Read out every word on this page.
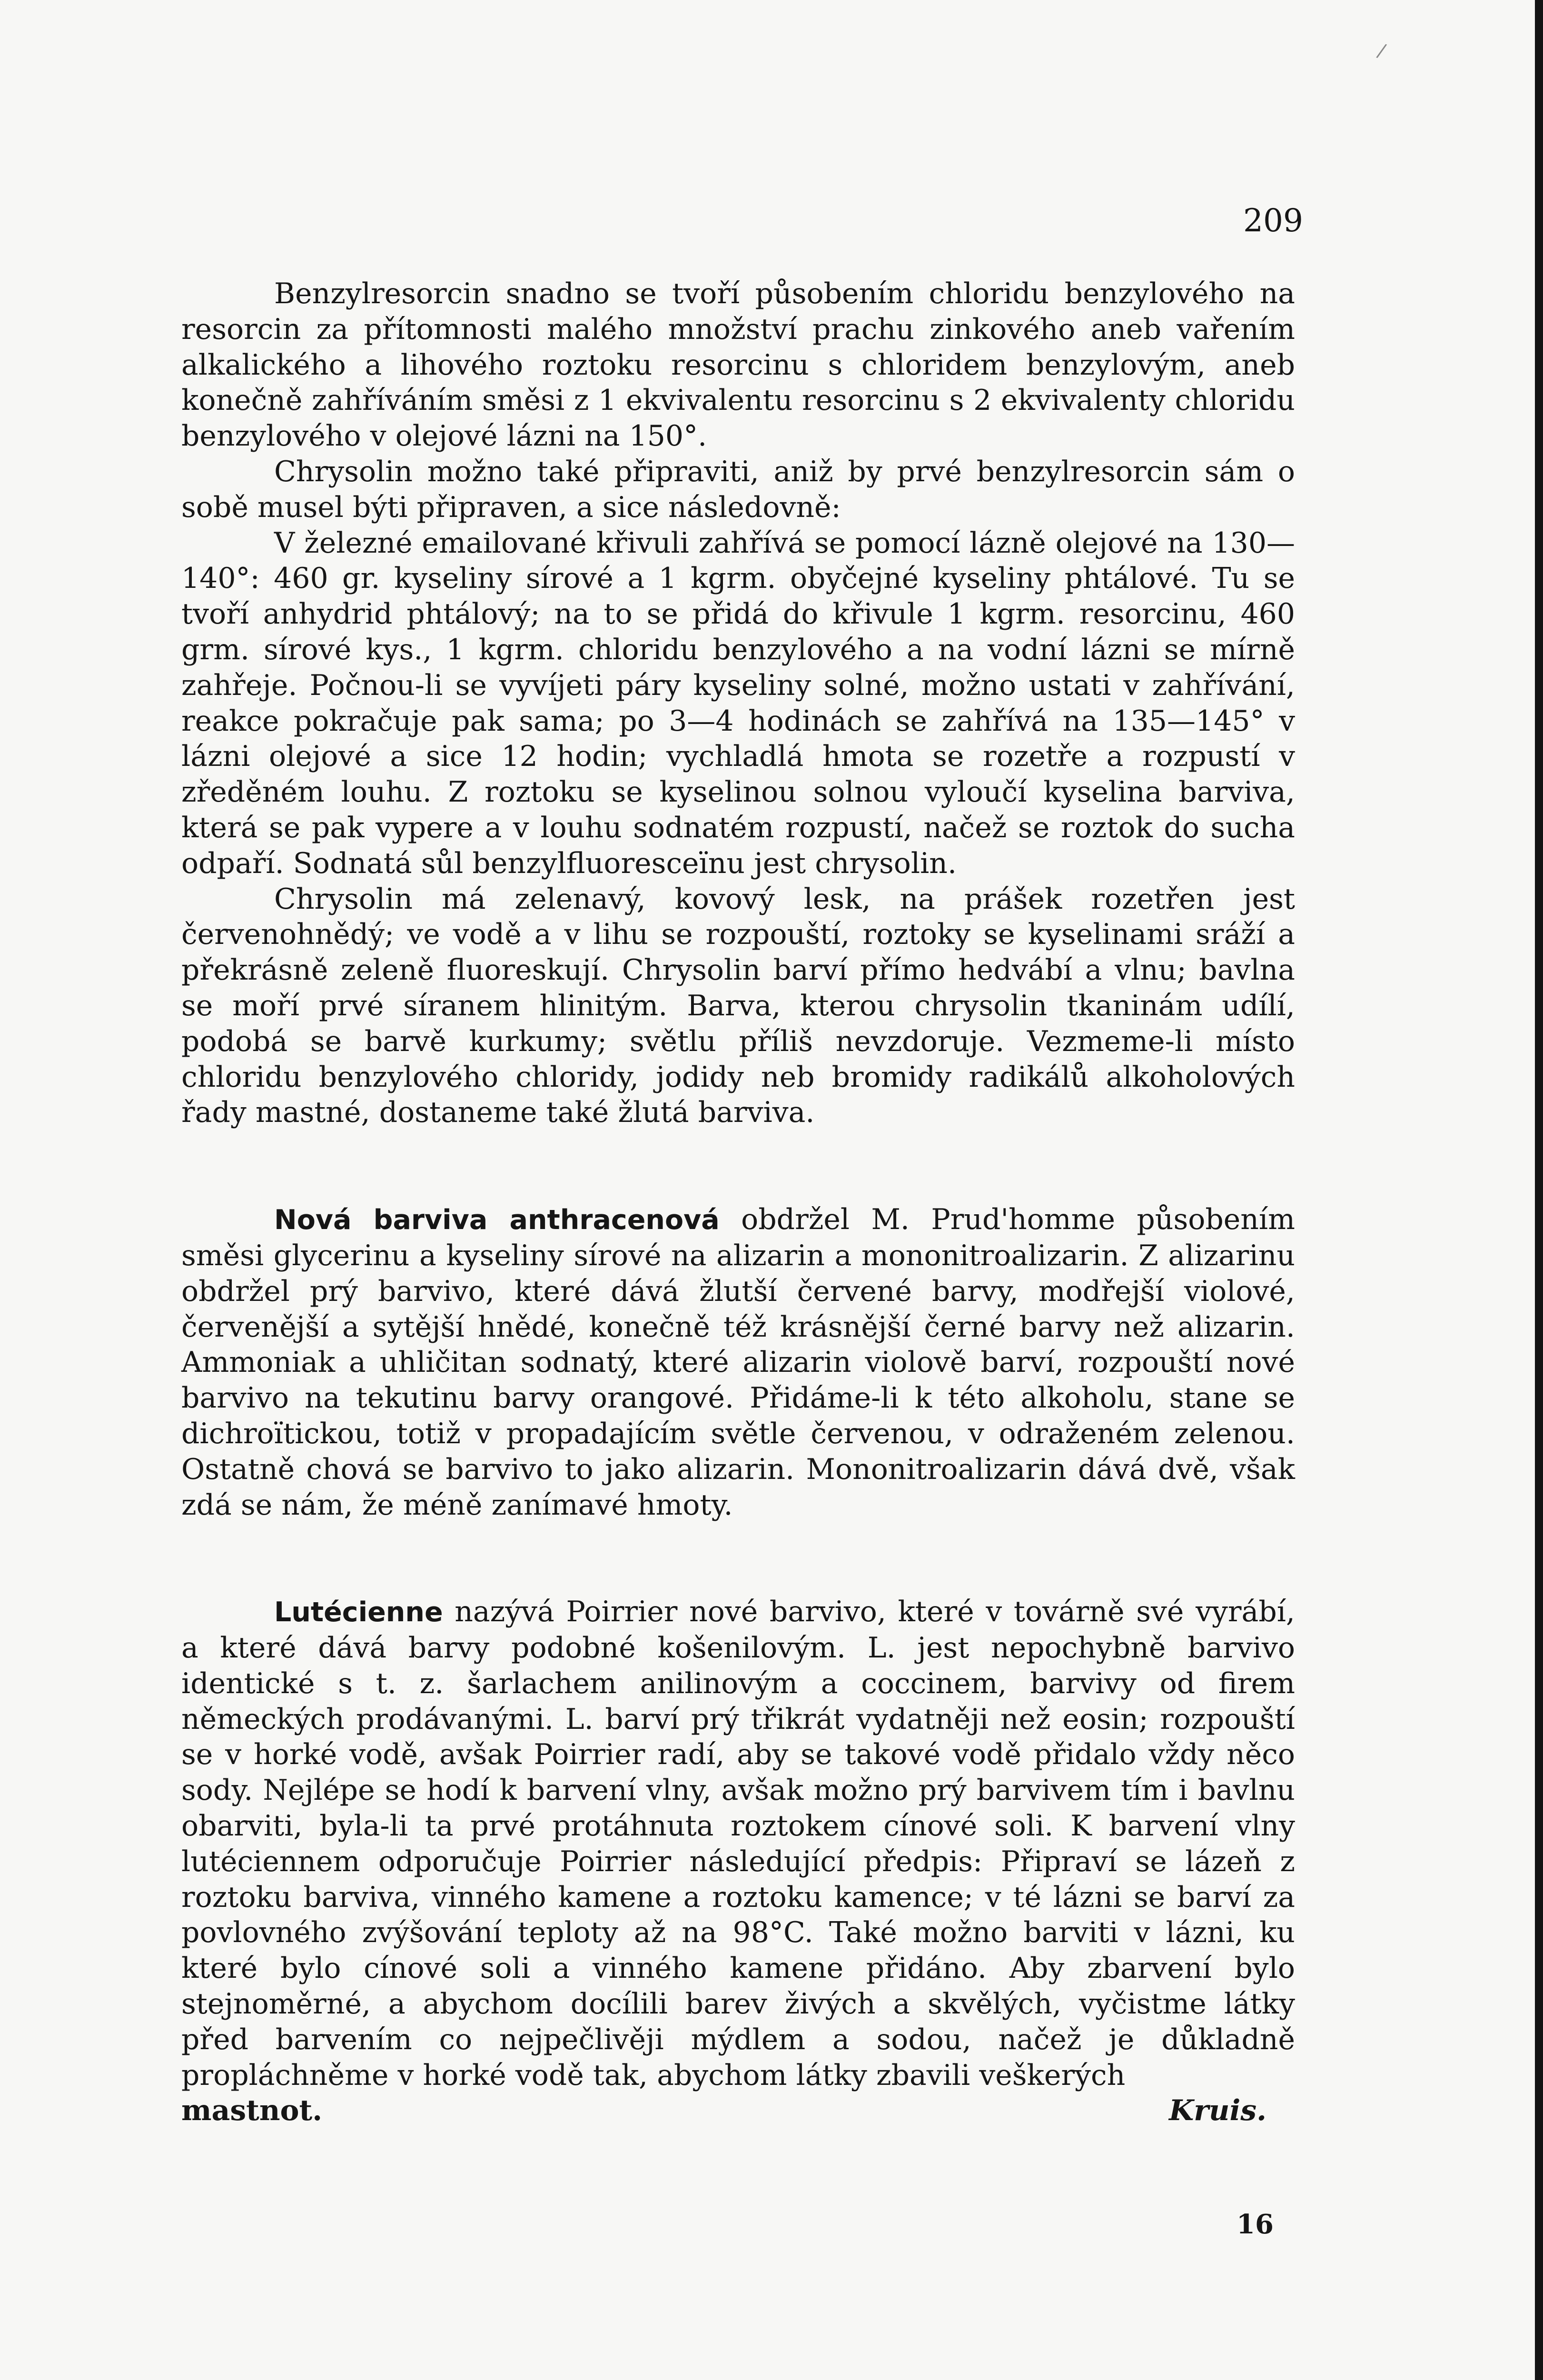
/
209

Benzylresorcin snadno se tvoří působením chloridu benzylového na resorcin za přítomnosti malého množství prachu zinkového aneb vařením alkalického a lihového roztoku resorcinu s chloridem benzylovým, aneb konečně zahříváním směsi z 1 ekvivalentu resorcinu s 2 ekvivalenty chloridu benzylového v olejové lázni na 150°.

Chrysolin možno také připraviti, aniž by prvé benzylresorcin sám o sobě musel býti připraven, a sice následovně:

V železné emailované křivuli zahřívá se pomocí lázně olejové na 130—140°: 460 gr. kyseliny sírové a 1 kgrm. obyčejné kyseliny phtálové. Tu se tvoří anhydrid phtálový; na to se přidá do křivule 1 kgrm. resorcinu, 460 grm. sírové kys., 1 kgrm. chloridu benzylového a na vodní lázni se mírně zahřeje. Počnou-li se vyvíjeti páry kyseliny solné, možno ustati v zahřívání, reakce pokračuje pak sama; po 3—4 hodinách se zahřívá na 135—145° v lázni olejové a sice 12 hodin; vychladlá hmota se rozetře a rozpustí v zředěném louhu. Z roztoku se kyselinou solnou vyloučí kyselina barviva, která se pak vypere a v louhu sodnatém rozpustí, načež se roztok do sucha odpaří. Sodnatá sůl benzylfluoresceïnu jest chrysolin.

Chrysolin má zelenavý, kovový lesk, na prášek rozetřen jest červenohnědý; ve vodě a v lihu se rozpouští, roztoky se kyselinami sráží a překrásně zeleně fluoreskují. Chrysolin barví přímo hedvábí a vlnu; bavlna se moří prvé síranem hlinitým. Barva, kterou chrysolin tkaninám udílí, podobá se barvě kurkumy; světlu příliš nevzdoruje. Vezmeme-li místo chloridu benzylového chloridy, jodidy neb bromidy radikálů alkoholových řady mastné, dostaneme také žlutá barviva.

Nová barviva anthracenová obdržel M. Prud'homme působením směsi glycerinu a kyseliny sírové na alizarin a mononitroalizarin. Z alizarinu obdržel prý barvivo, které dává žlutší červené barvy, modřejší violové, červenější a sytější hnědé, konečně též krásnější černé barvy než alizarin. Ammoniak a uhličitan sodnatý, které alizarin violově barví, rozpouští nové barvivo na tekutinu barvy orangové. Přidáme-li k této alkoholu, stane se dichroïtickou, totiž v propadajícím světle červenou, v odraženém zelenou. Ostatně chová se barvivo to jako alizarin. Mononitroalizarin dává dvě, však zdá se nám, že méně zanímavé hmoty.

Lutécienne nazývá Poirrier nové barvivo, které v továrně své vyrábí, a které dává barvy podobné košenilovým. L. jest nepochybně barvivo identické s t. z. šarlachem anilinovým a coccinem, barvivy od firem německých prodávanými. L. barví prý třikrát vydatněji než eosin; rozpouští se v horké vodě, avšak Poirrier radí, aby se takové vodě přidalo vždy něco sody. Nejlépe se hodí k barvení vlny, avšak možno prý barvivem tím i bavlnu obarviti, byla-li ta prvé protáhnuta roztokem cínové soli. K barvení vlny lutéciennem odporučuje Poirrier následující předpis: Připraví se lázeň z roztoku barviva, vinného kamene a roztoku kamence; v té lázni se barví za povlovného zvýšování teploty až na 98°C. Také možno barviti v lázni, ku které bylo cínové soli a vinného kamene přidáno. Aby zbarvení bylo stejnoměrné, a abychom docílili barev živých a skvělých, vyčistme látky před barvením co nejpečlivěji mýdlem a sodou, načež je důkladně propláchněme v horké vodě tak, abychom látky zbavili veškerých

mastnot.	Kruis.
16
